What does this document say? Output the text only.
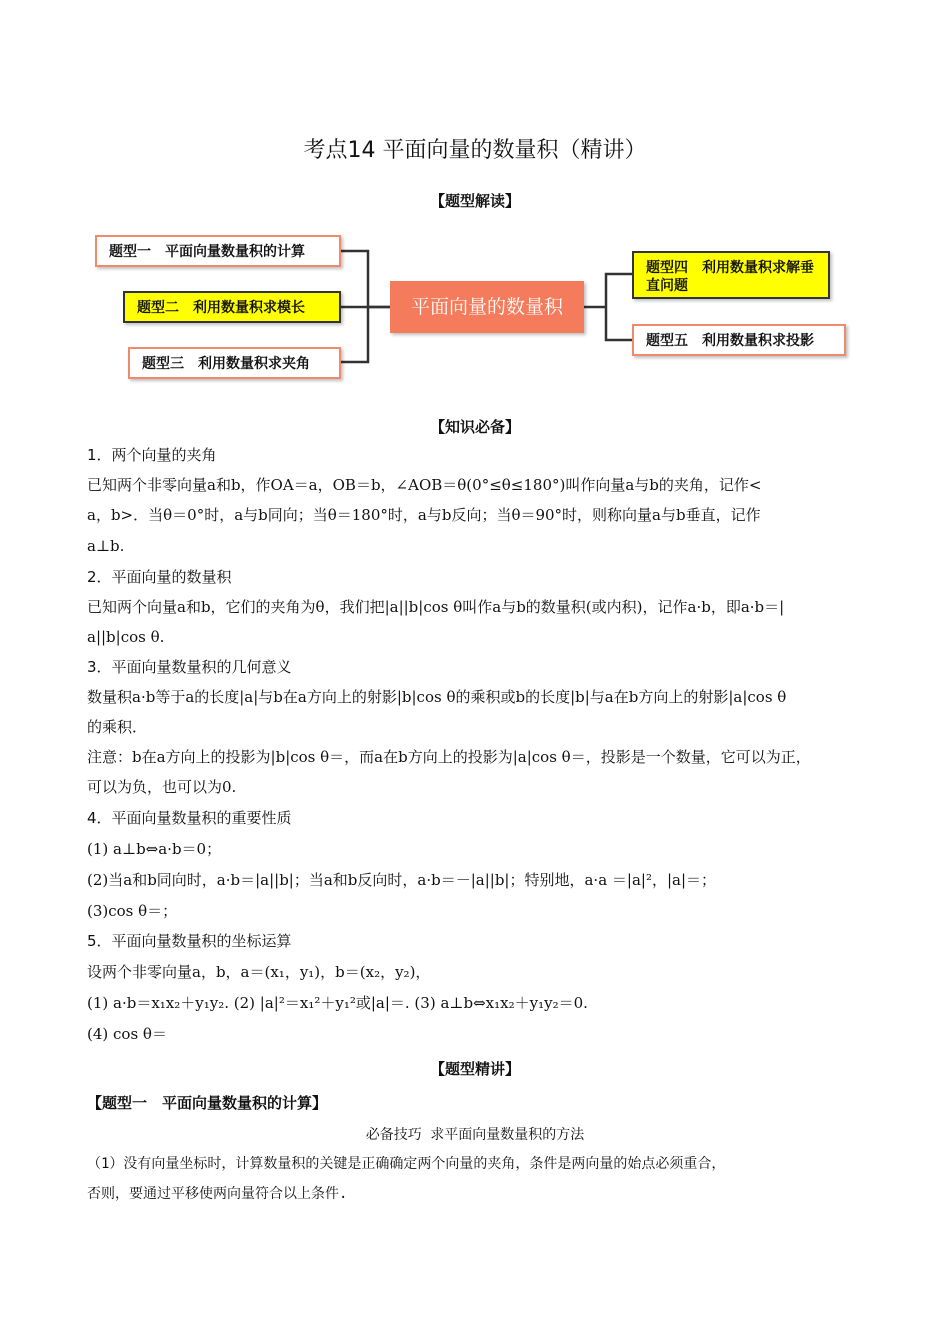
考点14 平面向量的数量积（精讲）
【题型解读】
题型一　平面向量数量积的计算
题型二　利用数量积求模长
题型三　利用数量积求夹角
平面向量的数量积
题型四　利用数量积求解垂直问题
题型五　利用数量积求投影
【知识必备】
1．两个向量的夹角
已知两个非零向量a和b，作OA＝a，OB＝b，∠AOB＝θ(0°≤θ≤180°)叫作向量a与b的夹角，记作<
a，b>．当θ＝0°时，a与b同向；当θ＝180°时，a与b反向；当θ＝90°时，则称向量a与b垂直，记作
a⊥b.
2．平面向量的数量积
已知两个向量a和b，它们的夹角为θ，我们把|a||b|cos θ叫作a与b的数量积(或内积)，记作a·b，即a·b＝|
a||b|cos θ.
3．平面向量数量积的几何意义
数量积a·b等于a的长度|a|与b在a方向上的射影|b|cos θ的乘积或b的长度|b|与a在b方向上的射影|a|cos θ
的乘积．
注意：b在a方向上的投影为|b|cos θ＝，而a在b方向上的投影为|a|cos θ＝，投影是一个数量，它可以为正，
可以为负，也可以为0.
4．平面向量数量积的重要性质
(1) a⊥b⇔a·b＝0；
(2)当a和b同向时，a·b＝|a||b|；当a和b反向时，a·b＝－|a||b|；特别地，a·a ＝|a|²，|a|＝；
(3)cos θ＝；
5．平面向量数量积的坐标运算
设两个非零向量a，b，a＝(x₁，y₁)，b＝(x₂，y₂)，
(1) a·b＝x₁x₂＋y₁y₂. (2) |a|²＝x₁²＋y₁²或|a|＝. (3) a⊥b⇔x₁x₂＋y₁y₂＝0.
(4) cos θ＝
【题型精讲】
【题型一　平面向量数量积的计算】
必备技巧 求平面向量数量积的方法
（1）没有向量坐标时，计算数量积的关键是正确确定两个向量的夹角，条件是两向量的始点必须重合，
否则，要通过平移使两向量符合以上条件.
